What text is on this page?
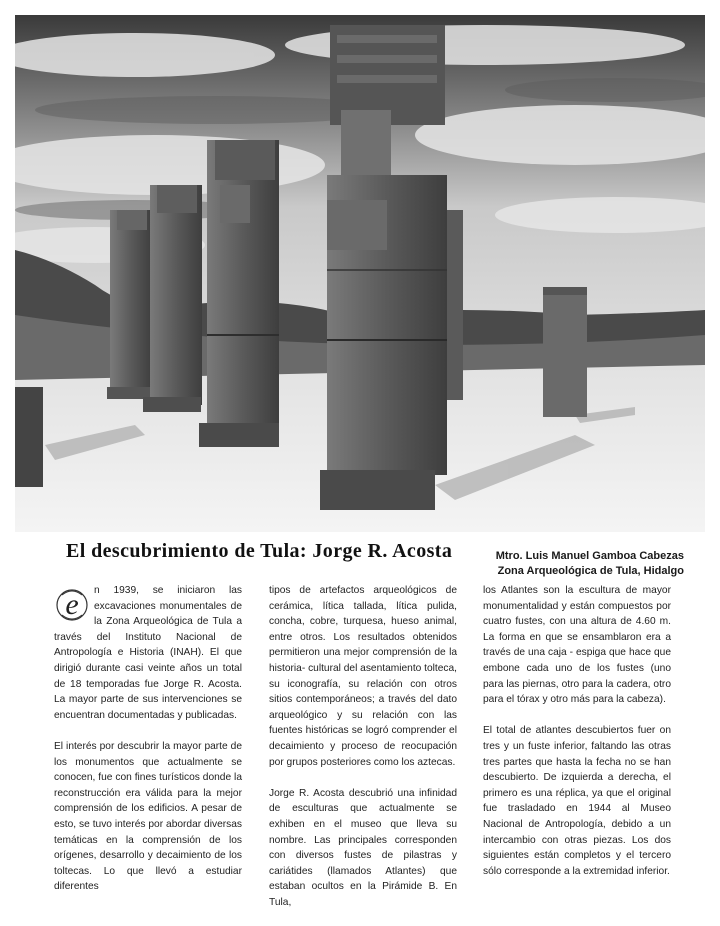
El descubrimiento de Tula: Jorge R. Acosta	Mtro. Luis Manuel Gamboa Cabezas
Zona Arqueológica de Tula, Hidalgo

e	n 1939, se iniciaron las excavaciones monumentales de la Zona Arqueológica de Tula a través del Instituto Nacional de Antropología e Historia (INAH). El que dirigió durante casi veinte años un total de 18 temporadas fue Jorge R. Acosta. La mayor parte de sus intervenciones se encuentran documentadas y publicadas.

El interés por descubrir la mayor parte de los monumentos que actualmente se conocen, fue con fines turísticos donde la reconstrucción era válida para la mejor comprensión de los edificios. A pesar de esto, se tuvo interés por abordar diversas temáticas en la comprensión de los orígenes, desarrollo y decaimiento de los toltecas. Lo que llevó a estudiar diferentes

tipos de artefactos arqueológicos de cerámica, lítica tallada, lítica pulida, concha, cobre, turquesa, hueso animal, entre otros. Los resultados obtenidos permitieron una mejor comprensión de la historia- cultural del asentamiento tolteca, su iconografía, su relación con otros sitios contemporáneos; a través del dato arqueológico y su relación con las fuentes históricas se logró comprender el decaimiento y proceso de reocupación por grupos posteriores como los aztecas.

Jorge R. Acosta descubrió una infinidad de esculturas que actualmente se exhiben en el museo que lleva su nombre. Las principales corresponden con diversos fustes de pilastras y cariátides (llamados Atlantes) que estaban ocultos en la Pirámide B. En Tula,

los Atlantes son la escultura de mayor monumentalidad y están compuestos por cuatro fustes, con una altura de 4.60 m. La forma en que se ensamblaron era a través de una caja - espiga que hace que embone cada uno de los fustes (uno para las piernas, otro para la cadera, otro para el tórax y otro más para la cabeza).

El total de atlantes descubiertos fuer on tres y un fuste inferior, faltando las otras tres partes que hasta la fecha no se han descubierto. De izquierda a derecha, el primero es una réplica, ya que el original fue trasladado en 1944 al Museo Nacional de Antropología, debido a un intercambio con otras piezas. Los dos siguientes están completos y el tercero sólo corresponde a la extremidad inferior.
